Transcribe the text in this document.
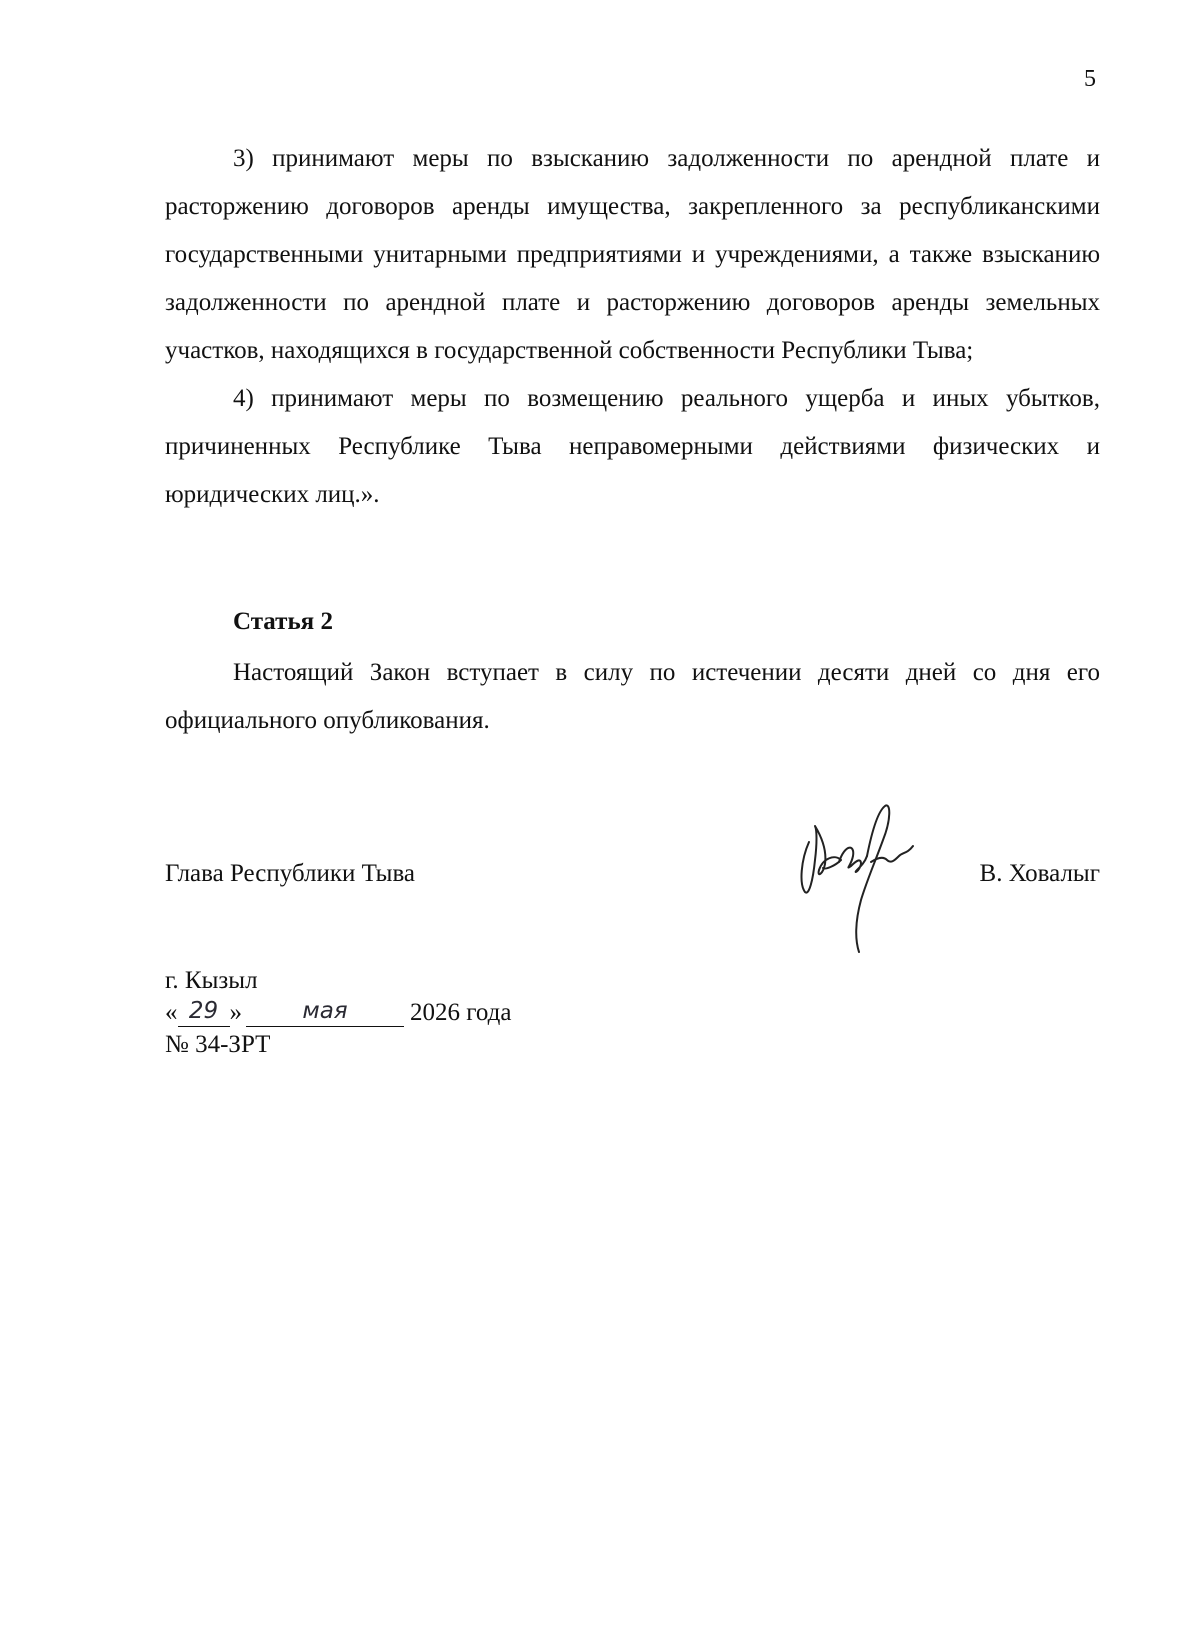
5

3) принимают меры по взысканию задолженности по арендной плате и расторжению договоров аренды имущества, закрепленного за республиканскими государственными унитарными предприятиями и учреждениями, а также взысканию задолженности по арендной плате и расторжению договоров аренды земельных участков, находящихся в государственной собственности Республики Тыва;

4) принимают меры по возмещению реального ущерба и иных убытков, причиненных Республике Тыва неправомерными действиями физических и юридических лиц.».

Статья 2

Настоящий Закон вступает в силу по истечении десяти дней со дня его официального опубликования.

Глава Республики Тыва	В. Ховалыг
г. Кызыл
« 29 »	мая 2026 года
№ 34-ЗРТ
